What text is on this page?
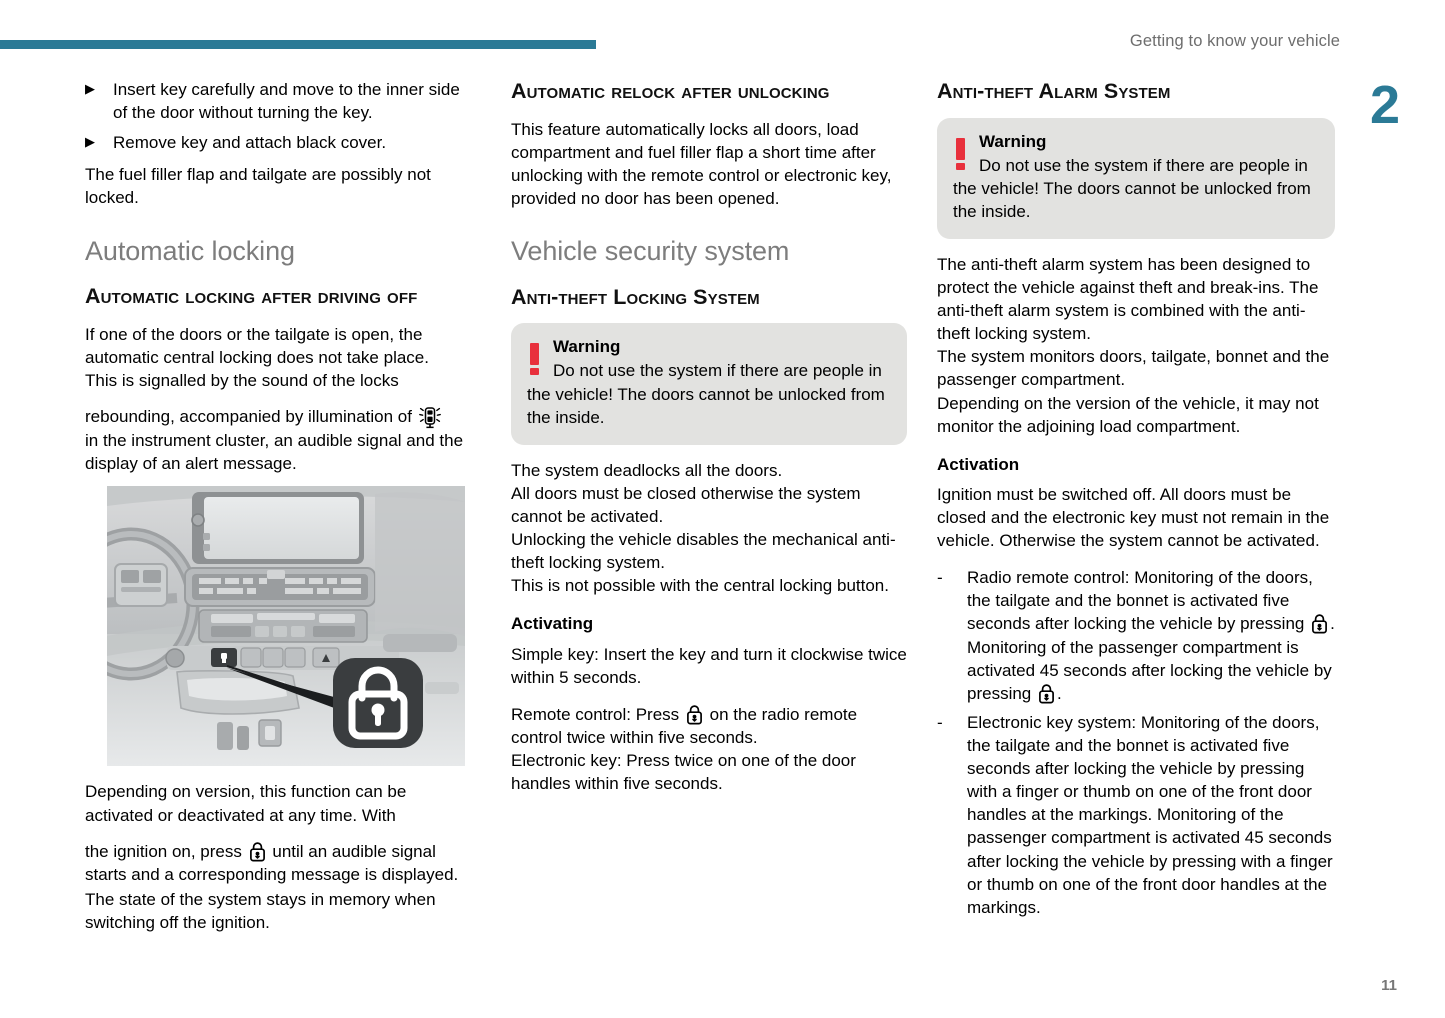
Getting to know your vehicle
2
11
▶	Insert key carefully and move to the inner side of the door without turning the key.
▶	Remove key and attach black cover.

The fuel filler flap and tailgate are possibly not locked.

Automatic locking
Automatic locking after driving off

If one of the doors or the tailgate is open, the automatic central locking does not take place. This is signalled by the sound of the locks

rebounding, accompanied by illumination of
in the instrument cluster, an audible signal and the display of an alert message.

Depending on version, this function can be activated or deactivated at any time. With

the ignition on, press until an audible signal starts and a corresponding message is displayed.

The state of the system stays in memory when switching off the ignition.

Automatic relock after unlocking

This feature automatically locks all doors, load compartment and fuel filler flap a short time after unlocking with the remote control or electronic key, provided no door has been opened.

Vehicle security system
Anti-theft Locking System
Warning

Do not use the system if there are people in the vehicle! The doors cannot be unlocked from the inside.

The system deadlocks all the doors.

All doors must be closed otherwise the system cannot be activated.

Unlocking the vehicle disables the mechanical anti-theft locking system.

This is not possible with the central locking button.

Activating

Simple key: Insert the key and turn it clockwise twice within 5 seconds.

Remote control: Press on the radio remote control twice within five seconds.

Electronic key: Press twice on one of the door handles within five seconds.

Anti-theft Alarm System
Warning

Do not use the system if there are people in the vehicle! The doors cannot be unlocked from the inside.

The anti-theft alarm system has been designed to protect the vehicle against theft and break-ins. The anti-theft alarm system is combined with the anti-theft locking system.

The system monitors doors, tailgate, bonnet and the passenger compartment.

Depending on the version of the vehicle, it may not monitor the adjoining load compartment.

Activation

Ignition must be switched off. All doors must be closed and the electronic key must not remain in the vehicle. Otherwise the system cannot be activated.

-	Radio remote control: Monitoring of the doors, the tailgate and the bonnet is activated five seconds after locking the vehicle by pressing . Monitoring of the passenger compartment is activated 45 seconds after locking the vehicle by pressing .
-	Electronic key system: Monitoring of the doors, the tailgate and the bonnet is activated five seconds after locking the vehicle by pressing with a finger or thumb on one of the front door handles at the markings. Monitoring of the passenger compartment is activated 45 seconds after locking the vehicle by pressing with a finger or thumb on one of the front door handles at the markings.
